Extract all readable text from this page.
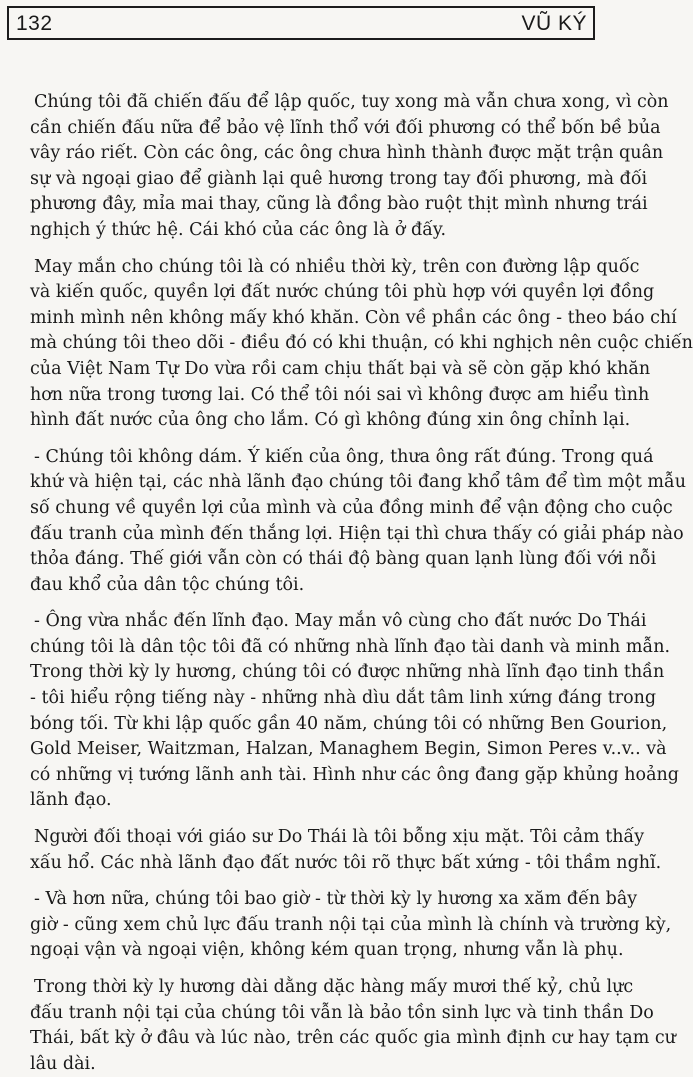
132	VŨ KÝ

Chúng tôi đã chiến đấu để lập quốc, tuy xong mà vẫn chưa xong, vì còn
cần chiến đấu nữa để bảo vệ lĩnh thổ với đối phương có thể bốn bề bủa
vây ráo riết. Còn các ông, các ông chưa hình thành được mặt trận quân
sự và ngoại giao để giành lại quê hương trong tay đối phương, mà đối
phương đây, mỉa mai thay, cũng là đồng bào ruột thịt mình nhưng trái
nghịch ý thức hệ. Cái khó của các ông là ở đấy.

May mắn cho chúng tôi là có nhiều thời kỳ, trên con đường lập quốc
và kiến quốc, quyền lợi đất nước chúng tôi phù hợp với quyền lợi đồng
minh mình nên không mấy khó khăn. Còn về phần các ông - theo báo chí
mà chúng tôi theo dõi - điều đó có khi thuận, có khi nghịch nên cuộc chiến
của Việt Nam Tự Do vừa rồi cam chịu thất bại và sẽ còn gặp khó khăn
hơn nữa trong tương lai. Có thể tôi nói sai vì không được am hiểu tình
hình đất nước của ông cho lắm. Có gì không đúng xin ông chỉnh lại.

- Chúng tôi không dám. Ý kiến của ông, thưa ông rất đúng. Trong quá
khứ và hiện tại, các nhà lãnh đạo chúng tôi đang khổ tâm để tìm một mẫu
số chung về quyền lợi của mình và của đồng minh để vận động cho cuộc
đấu tranh của mình đến thắng lợi. Hiện tại thì chưa thấy có giải pháp nào
thỏa đáng. Thế giới vẫn còn có thái độ bàng quan lạnh lùng đối với nỗi
đau khổ của dân tộc chúng tôi.

- Ông vừa nhắc đến lĩnh đạo. May mắn vô cùng cho đất nước Do Thái
chúng tôi là dân tộc tôi đã có những nhà lĩnh đạo tài danh và minh mẫn.
Trong thời kỳ ly hương, chúng tôi có được những nhà lĩnh đạo tinh thần
- tôi hiểu rộng tiếng này - những nhà dìu dắt tâm linh xứng đáng trong
bóng tối. Từ khi lập quốc gần 40 năm, chúng tôi có những Ben Gourion,
Gold Meiser, Waitzman, Halzan, Managhem Begin, Simon Peres v..v.. và
có những vị tướng lãnh anh tài. Hình như các ông đang gặp khủng hoảng
lãnh đạo.

Người đối thoại với giáo sư Do Thái là tôi bỗng xịu mặt. Tôi cảm thấy
xấu hổ. Các nhà lãnh đạo đất nước tôi rõ thực bất xứng - tôi thầm nghĩ.

- Và hơn nữa, chúng tôi bao giờ - từ thời kỳ ly hương xa xăm đến bây
giờ - cũng xem chủ lực đấu tranh nội tại của mình là chính và trường kỳ,
ngoại vận và ngoại viện, không kém quan trọng, nhưng vẫn là phụ.

Trong thời kỳ ly hương dài dằng dặc hàng mấy mươi thế kỷ, chủ lực
đấu tranh nội tại của chúng tôi vẫn là bảo tồn sinh lực và tinh thần Do
Thái, bất kỳ ở đâu và lúc nào, trên các quốc gia mình định cư hay tạm cư
lâu dài.
